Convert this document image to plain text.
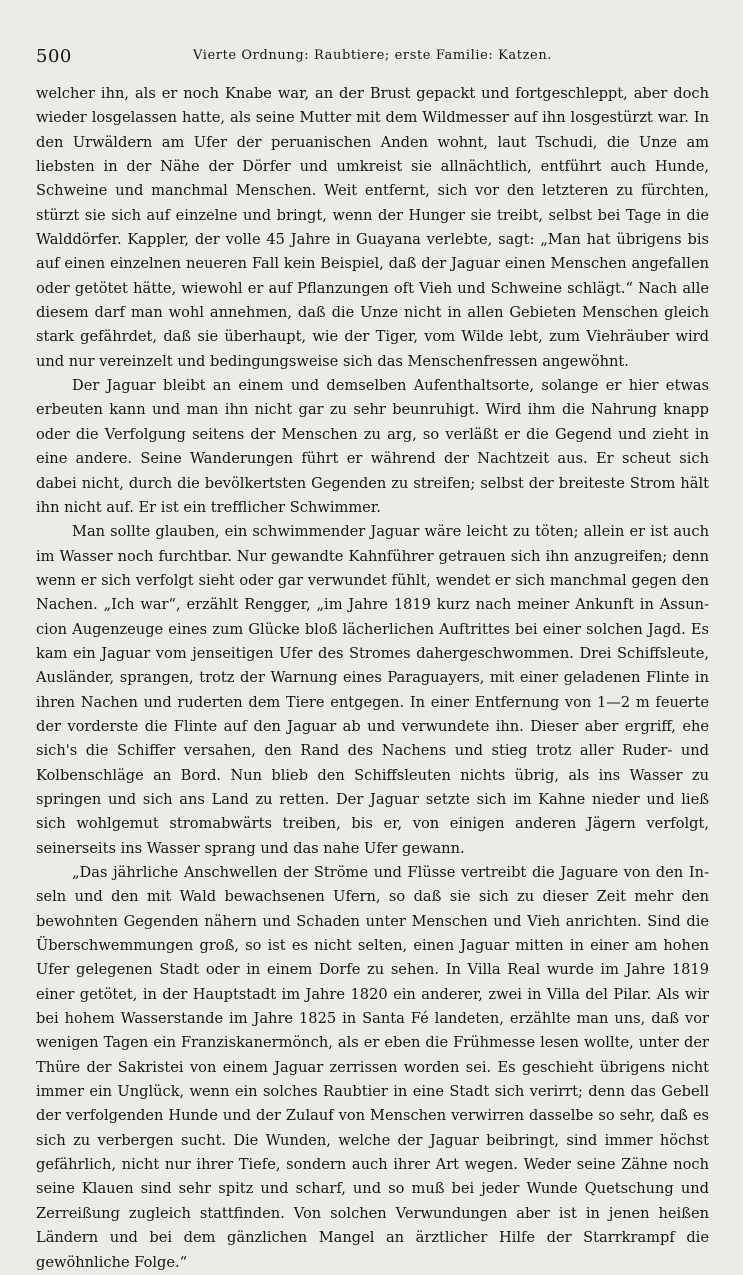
500	Vierte Ordnung: Raubtiere; erste Familie: Katzen.

welcher ihn, als er noch Knabe war, an der Brust gepackt und fortgeschleppt, aber doch wieder losgelassen hatte, als seine Mutter mit dem Wildmesser auf ihn losgestürzt war. In den Urwäldern am Ufer der peruanischen Anden wohnt, laut Tschudi, die Unze am liebsten in der Nähe der Dörfer und umkreist sie allnächtlich, entführt auch Hunde, Schweine und manchmal Menschen. Weit entfernt, sich vor den letzteren zu fürchten, stürzt sie sich auf einzelne und bringt, wenn der Hunger sie treibt, selbst bei Tage in die Walddörfer. Kappler, der volle 45 Jahre in Guayana verlebte, sagt: „Man hat übrigens bis auf einen einzelnen neueren Fall kein Beispiel, daß der Jaguar einen Menschen angefallen oder getötet hätte, wiewohl er auf Pflanzungen oft Vieh und Schweine schlägt.“ Nach alle diesem darf man wohl annehmen, daß die Unze nicht in allen Gebieten Menschen gleich stark gefährdet, daß sie überhaupt, wie der Tiger, vom Wilde lebt, zum Viehräuber wird und nur vereinzelt und bedingungsweise sich das Menschenfressen angewöhnt.

Der Jaguar bleibt an einem und demselben Aufenthaltsorte, solange er hier etwas erbeuten kann und man ihn nicht gar zu sehr beunruhigt. Wird ihm die Nahrung knapp oder die Verfolgung seitens der Menschen zu arg, so verläßt er die Gegend und zieht in eine andere. Seine Wanderungen führt er während der Nachtzeit aus. Er scheut sich dabei nicht, durch die bevölkertsten Gegenden zu streifen; selbst der breiteste Strom hält ihn nicht auf. Er ist ein trefflicher Schwimmer.

Man sollte glauben, ein schwimmender Jaguar wäre leicht zu töten; allein er ist auch im Wasser noch furchtbar. Nur gewandte Kahnführer getrauen sich ihn anzugreifen; denn wenn er sich verfolgt sieht oder gar verwundet fühlt, wendet er sich manchmal gegen den Nachen. „Ich war“, erzählt Rengger, „im Jahre 1819 kurz nach meiner Ankunft in Assuncion Augenzeuge eines zum Glücke bloß lächerlichen Auftrittes bei einer solchen Jagd. Es kam ein Jaguar vom jenseitigen Ufer des Stromes dahergeschwommen. Drei Schiffsleute, Ausländer, sprangen, trotz der Warnung eines Paraguayers, mit einer geladenen Flinte in ihren Nachen und ruderten dem Tiere entgegen. In einer Entfernung von 1—2 m feuerte der vorderste die Flinte auf den Jaguar ab und verwundete ihn. Dieser aber ergriff, ehe sich's die Schiffer versahen, den Rand des Nachens und stieg trotz aller Ruder- und Kolbenschläge an Bord. Nun blieb den Schiffsleuten nichts übrig, als ins Wasser zu springen und sich ans Land zu retten. Der Jaguar setzte sich im Kahne nieder und ließ sich wohlgemut stromabwärts treiben, bis er, von einigen anderen Jägern verfolgt, seinerseits ins Wasser sprang und das nahe Ufer gewann.

„Das jährliche Anschwellen der Ströme und Flüsse vertreibt die Jaguare von den Inseln und den mit Wald bewachsenen Ufern, so daß sie sich zu dieser Zeit mehr den bewohnten Gegenden nähern und Schaden unter Menschen und Vieh anrichten. Sind die Überschwemmungen groß, so ist es nicht selten, einen Jaguar mitten in einer am hohen Ufer gelegenen Stadt oder in einem Dorfe zu sehen. In Villa Real wurde im Jahre 1819 einer getötet, in der Hauptstadt im Jahre 1820 ein anderer, zwei in Villa del Pilar. Als wir bei hohem Wasserstande im Jahre 1825 in Santa Fé landeten, erzählte man uns, daß vor wenigen Tagen ein Franziskanermönch, als er eben die Frühmesse lesen wollte, unter der Thüre der Sakristei von einem Jaguar zerrissen worden sei. Es geschieht übrigens nicht immer ein Unglück, wenn ein solches Raubtier in eine Stadt sich verirrt; denn das Gebell der verfolgenden Hunde und der Zulauf von Menschen verwirren dasselbe so sehr, daß es sich zu verbergen sucht. Die Wunden, welche der Jaguar beibringt, sind immer höchst gefährlich, nicht nur ihrer Tiefe, sondern auch ihrer Art wegen. Weder seine Zähne noch seine Klauen sind sehr spitz und scharf, und so muß bei jeder Wunde Quetschung und Zerreißung zugleich stattfinden. Von solchen Verwundungen aber ist in jenen heißen Ländern und bei dem gänzlichen Mangel an ärztlicher Hilfe der Starrkrampf die gewöhnliche Folge.“
